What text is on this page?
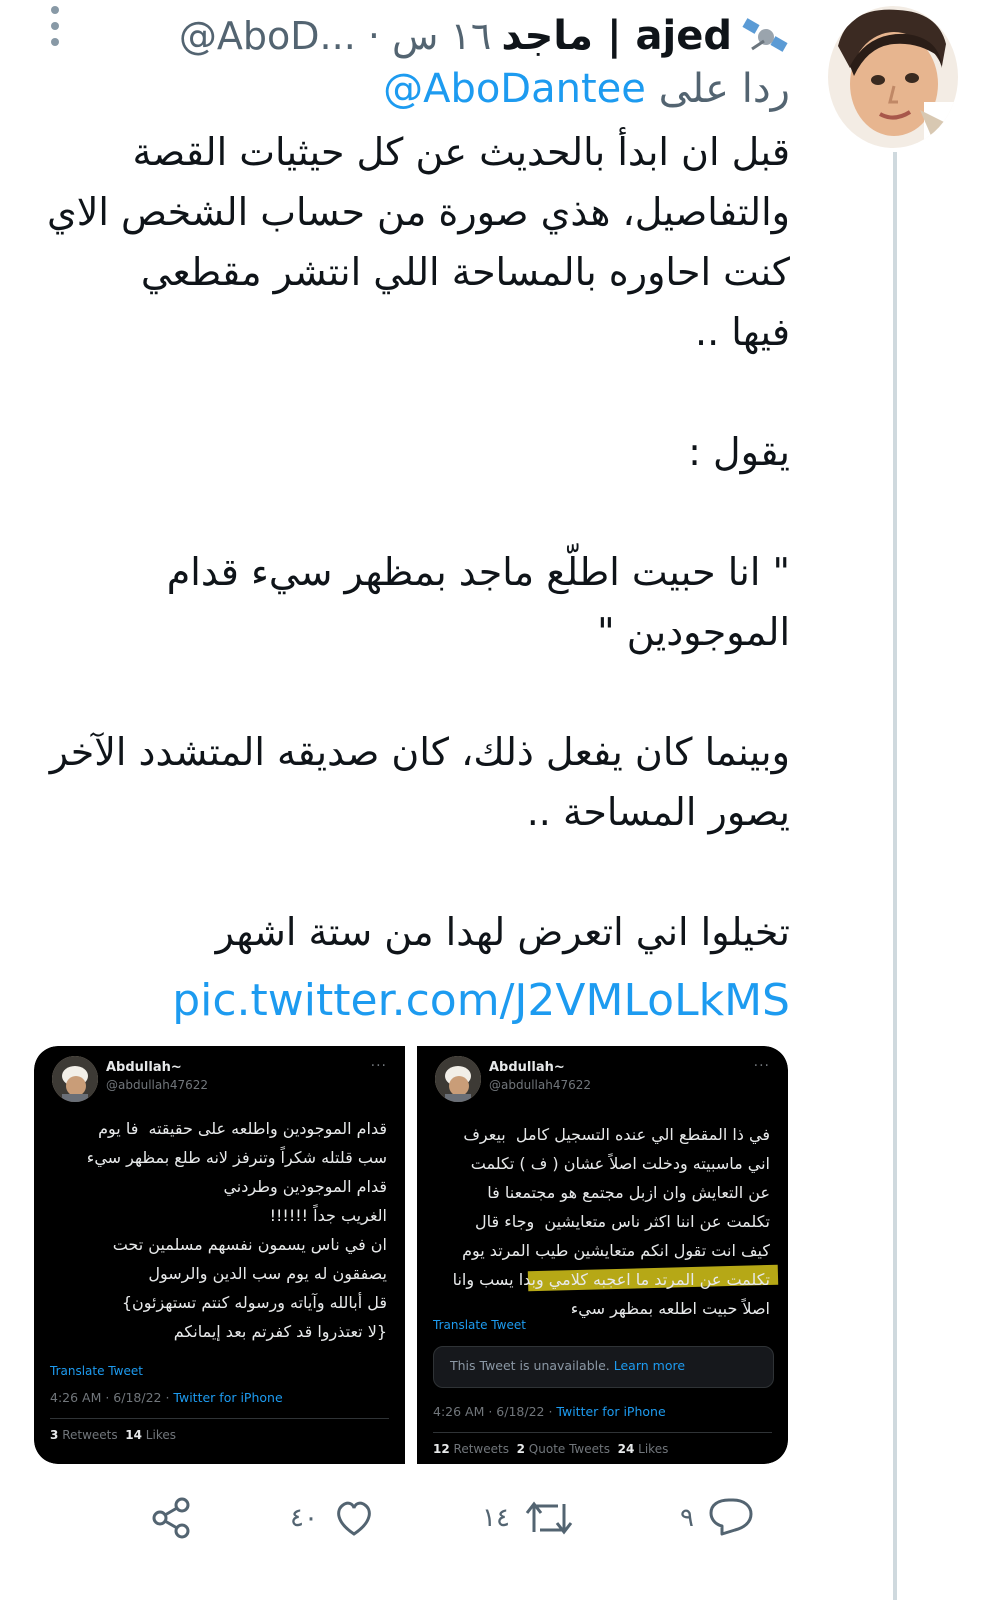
ajed | ماجد
@AboD... · ١٦ س
ردا على @AboDantee
قبل ان ابدأ بالحديث عن كل حيثيات القصة
والتفاصيل، هذي صورة من حساب الشخص الاي
كنت احاوره بالمساحة اللي انتشر مقطعي
فيها ..

يقول :

" انا حبيت اطلّع ماجد بمظهر سيء قدام
الموجودين "

وبينما كان يفعل ذلك، كان صديقه المتشدد الآخر
يصور المساحة ..

تخيلوا اني اتعرض لهدا من ستة اشهر
pic.twitter.com/J2VMLoLkMS
Abdullah~
@abdullah47622
···
قدام الموجودين واطلعه على حقيقته  فا يوم
سب قلتله شكراً وتنرفز لانه طلع بمظهر سيء
قدام الموجودين وطردني
الغريب جداً !!!!!!
ان في ناس يسمون نفسهم مسلمين تحت
يصفقون له يوم سب الدين والرسول
قل أبالله وآياته ورسوله كنتم تستهزئون}
{لا تعتذروا قد كفرتم بعد إيمانكم
Translate Tweet
4:26 AM · 6/18/22 · Twitter for iPhone
3 Retweets 14 Likes
Abdullah~
@abdullah47622
···
في ذا المقطع الي عنده التسجيل كامل  بيعرف
اني ماسبيته ودخلت اصلاً عشان ( ف ) تكلمت
عن التعايش وان ازبل مجتمع هو مجتمعنا فا
تكلمت عن اننا اكثر ناس متعايشين  وجاء قال
كيف انت تقول انكم متعايشين طيب المرتد يوم
تكلمت عن المرتد ما اعجبه كلامي وبدا يسب وانا
اصلاً حبيت اطلعه بمظهر سيء
Translate Tweet
This Tweet is unavailable. Learn more
4:26 AM · 6/18/22 · Twitter for iPhone
12 Retweets 2 Quote Tweets 24 Likes
٤٠	١٤	٩
